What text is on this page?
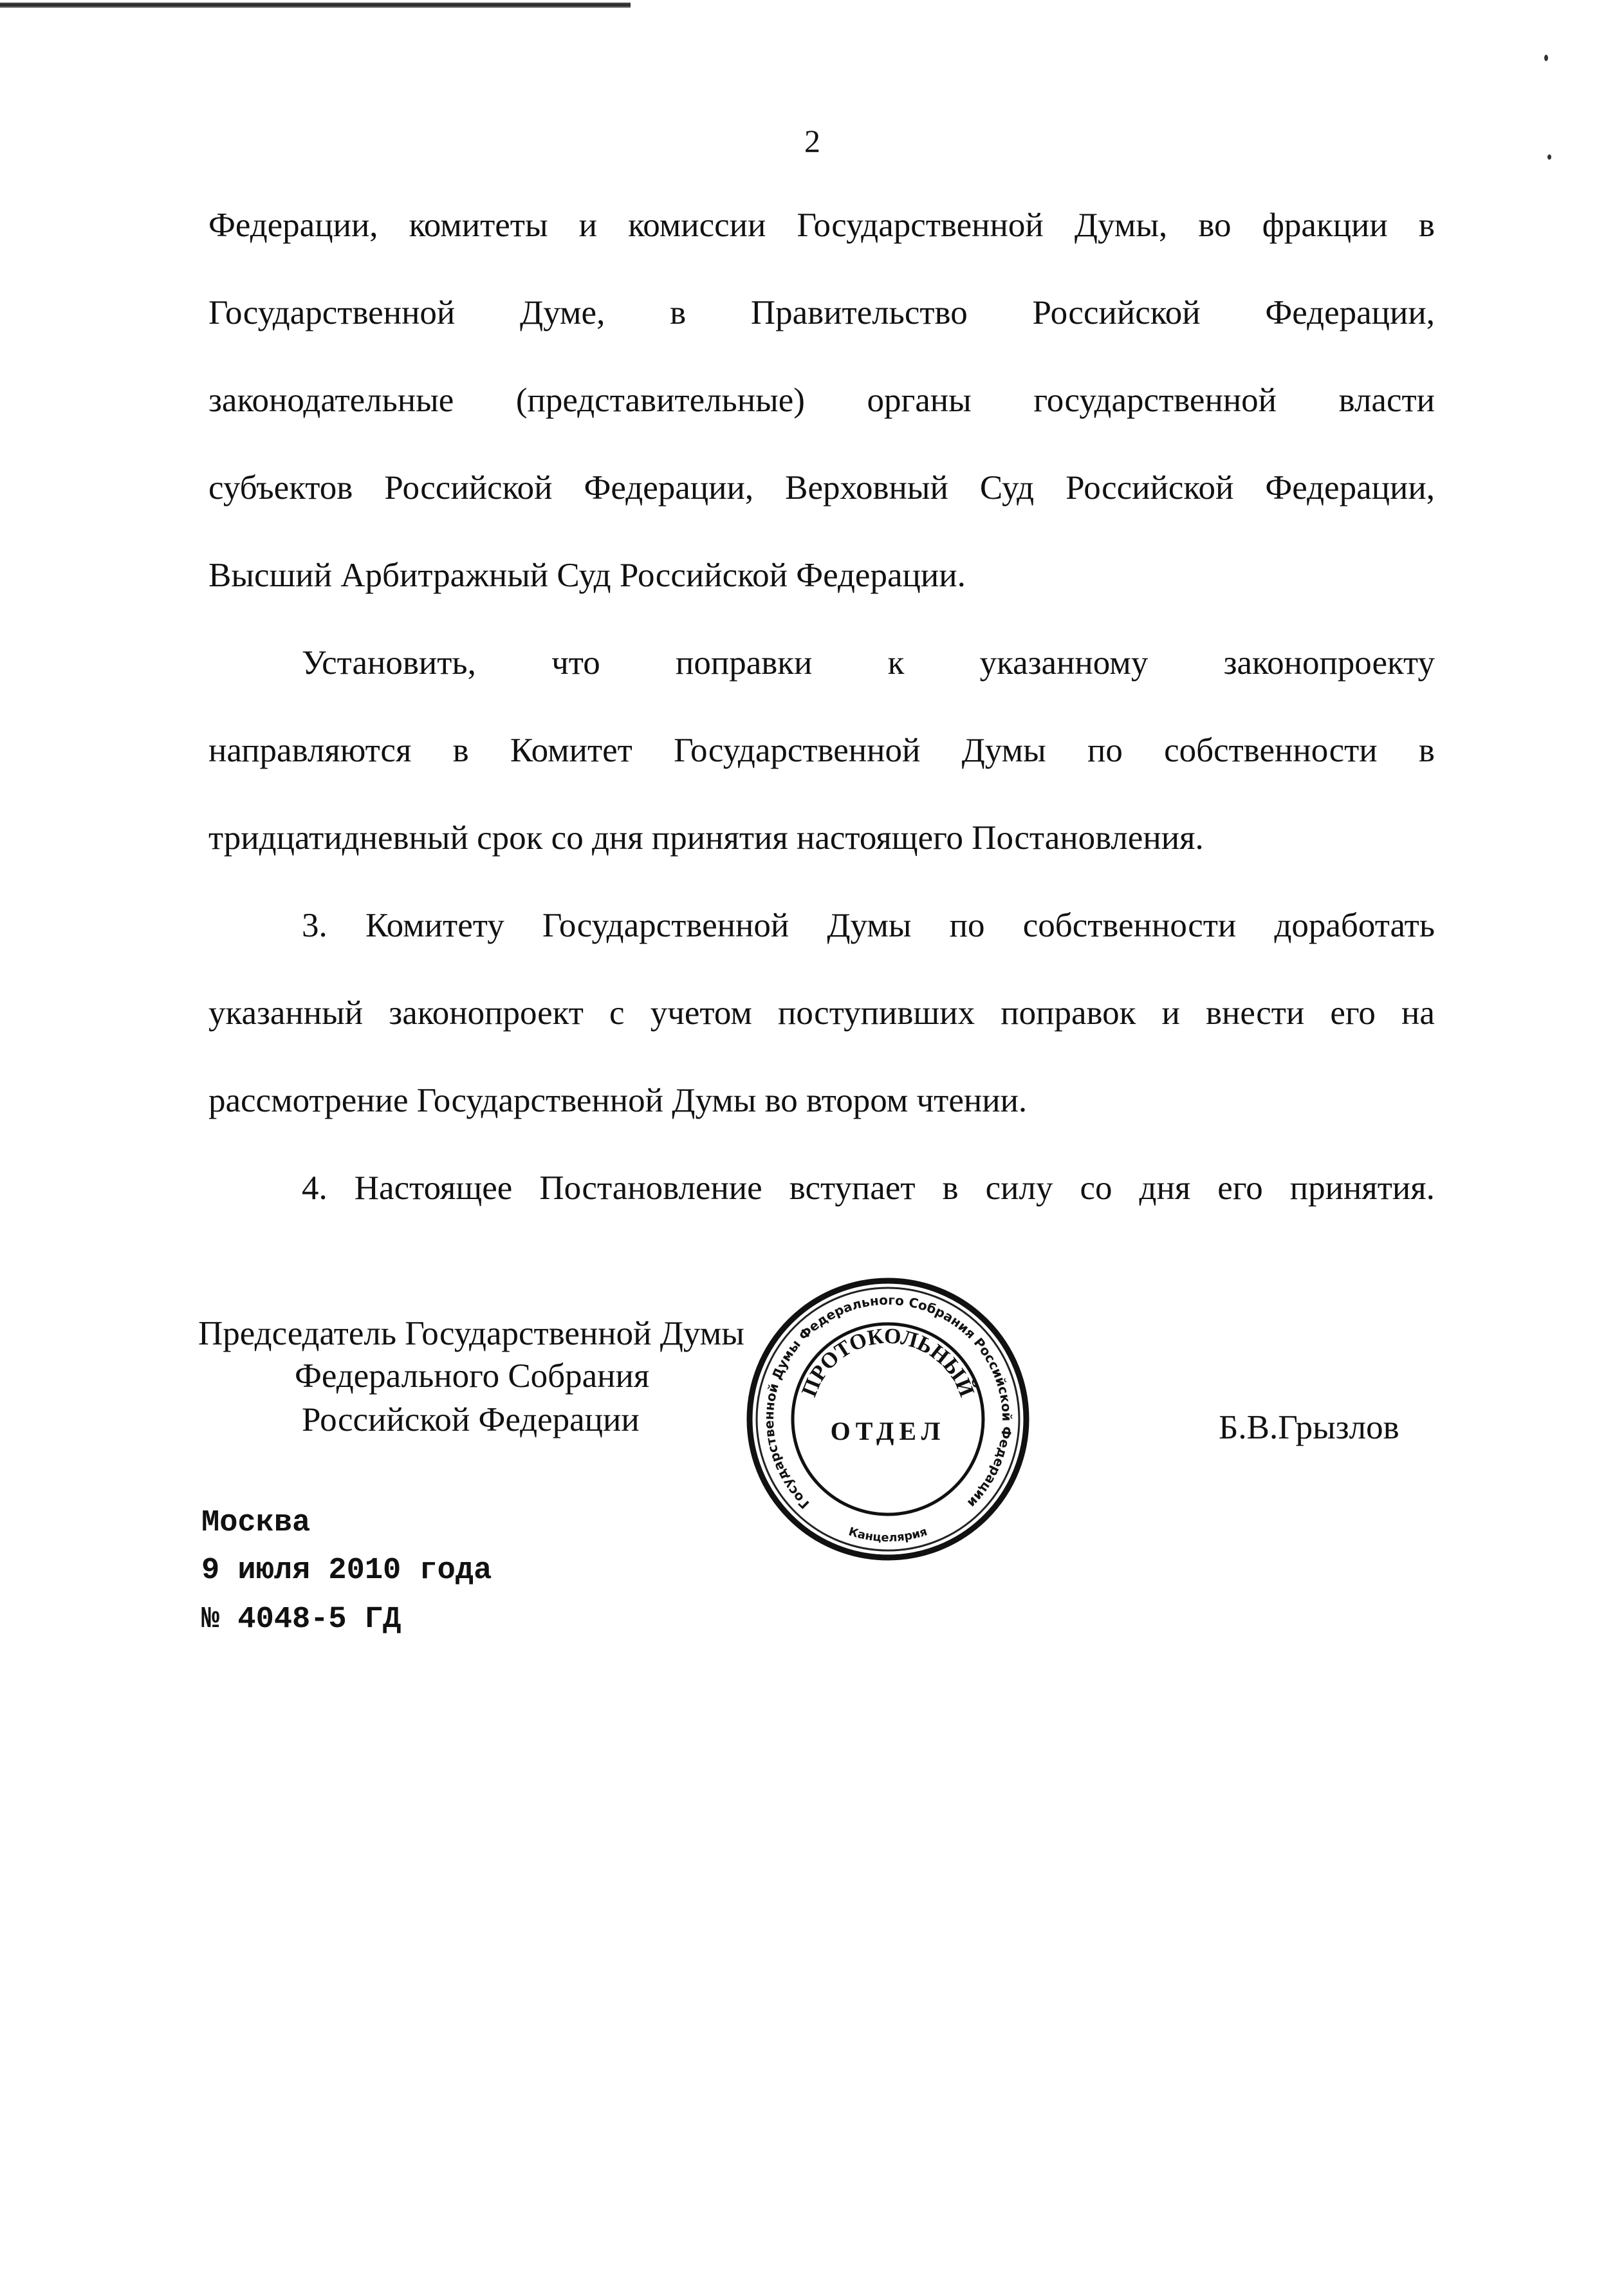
2
Федерации, комитеты и комиссии Государственной Думы, во фракции в
Государственной Думе, в Правительство Российской Федерации,
законодательные (представительные) органы государственной власти
субъектов Российской Федерации, Верховный Суд Российской Федерации,
Высший Арбитражный Суд Российской Федерации.
Установить, что поправки к указанному законопроекту
направляются в Комитет Государственной Думы по собственности в
тридцатидневный срок со дня принятия настоящего Постановления.
3. Комитету Государственной Думы по собственности доработать
указанный законопроект с учетом поступивших поправок и внести его на
рассмотрение Государственной Думы во втором чтении.
4. Настоящее Постановление вступает в силу со дня его принятия.
Председатель Государственной Думы
Федерального Собрания
Российской Федерации	Б.В.Грызлов
Государственной Думы Федерального Собрания Российской Федерации
Канцелярия
ПРОТОКОЛЬНЫЙ
ОТДЕЛ
Москва
9 июля 2010 года
№ 4048-5 ГД
